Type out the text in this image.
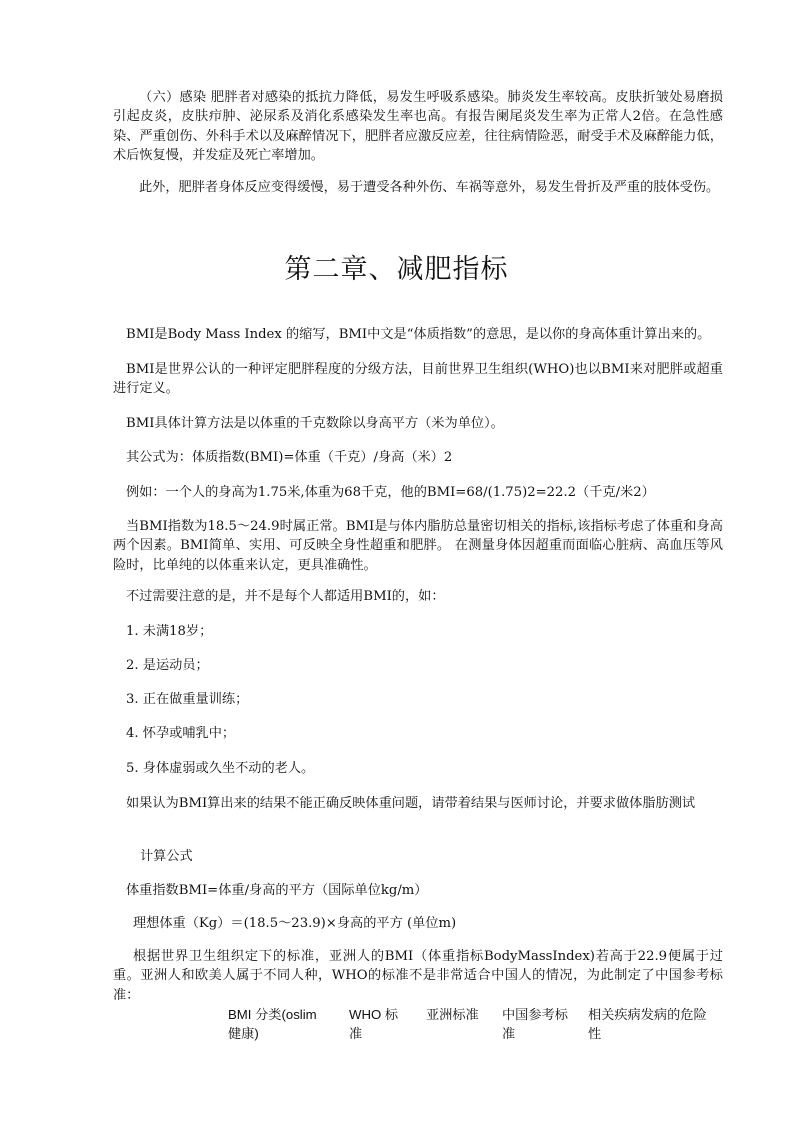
（六）感染 肥胖者对感染的抵抗力降低，易发生呼吸系感染。肺炎发生率较高。皮肤折皱处易磨损引起皮炎，皮肤疖肿、泌尿系及消化系感染发生率也高。有报告阑尾炎发生率为正常人2倍。在急性感染、严重创伤、外科手术以及麻醉情况下，肥胖者应激反应差，往往病情险恶，耐受手术及麻醉能力低，术后恢复慢，并发症及死亡率增加。

此外，肥胖者身体反应变得缓慢，易于遭受各种外伤、车祸等意外，易发生骨折及严重的肢体受伤。

第二章、减肥指标

BMI是Body Mass Index 的缩写，BMI中文是“体质指数”的意思，是以你的身高体重计算出来的。

BMI是世界公认的一种评定肥胖程度的分级方法，目前世界卫生组织(WHO)也以BMI来对肥胖或超重进行定义。

BMI具体计算方法是以体重的千克数除以身高平方（米为单位）。

其公式为：体质指数(BMI)=体重（千克）/身高（米）2

例如：一个人的身高为1.75米,体重为68千克，他的BMI=68/(1.75)2=22.2（千克/米2）

当BMI指数为18.5～24.9时属正常。BMI是与体内脂肪总量密切相关的指标,该指标考虑了体重和身高两个因素。BMI简单、实用、可反映全身性超重和肥胖。 在测量身体因超重而面临心脏病、高血压等风险时，比单纯的以体重来认定，更具准确性。

不过需要注意的是，并不是每个人都适用BMI的，如：

1. 未满18岁；

2. 是运动员；

3. 正在做重量训练；

4. 怀孕或哺乳中；

5. 身体虚弱或久坐不动的老人。

如果认为BMI算出来的结果不能正确反映体重问题，请带着结果与医师讨论，并要求做体脂肪测试

计算公式

体重指数BMI=体重/身高的平方（国际单位kg/m）

理想体重（Kg）＝(18.5～23.9)×身高的平方 (单位m)

根据世界卫生组织定下的标准，亚洲人的BMI（体重指标BodyMassIndex)若高于22.9便属于过重。亚洲人和欧美人属于不同人种，WHO的标准不是非常适合中国人的情况，为此制定了中国参考标准：

BMI 分类(oslim
健康)
WHO 标
准
亚洲标准	中国参考标
准
相关疾病发病的危险
性
